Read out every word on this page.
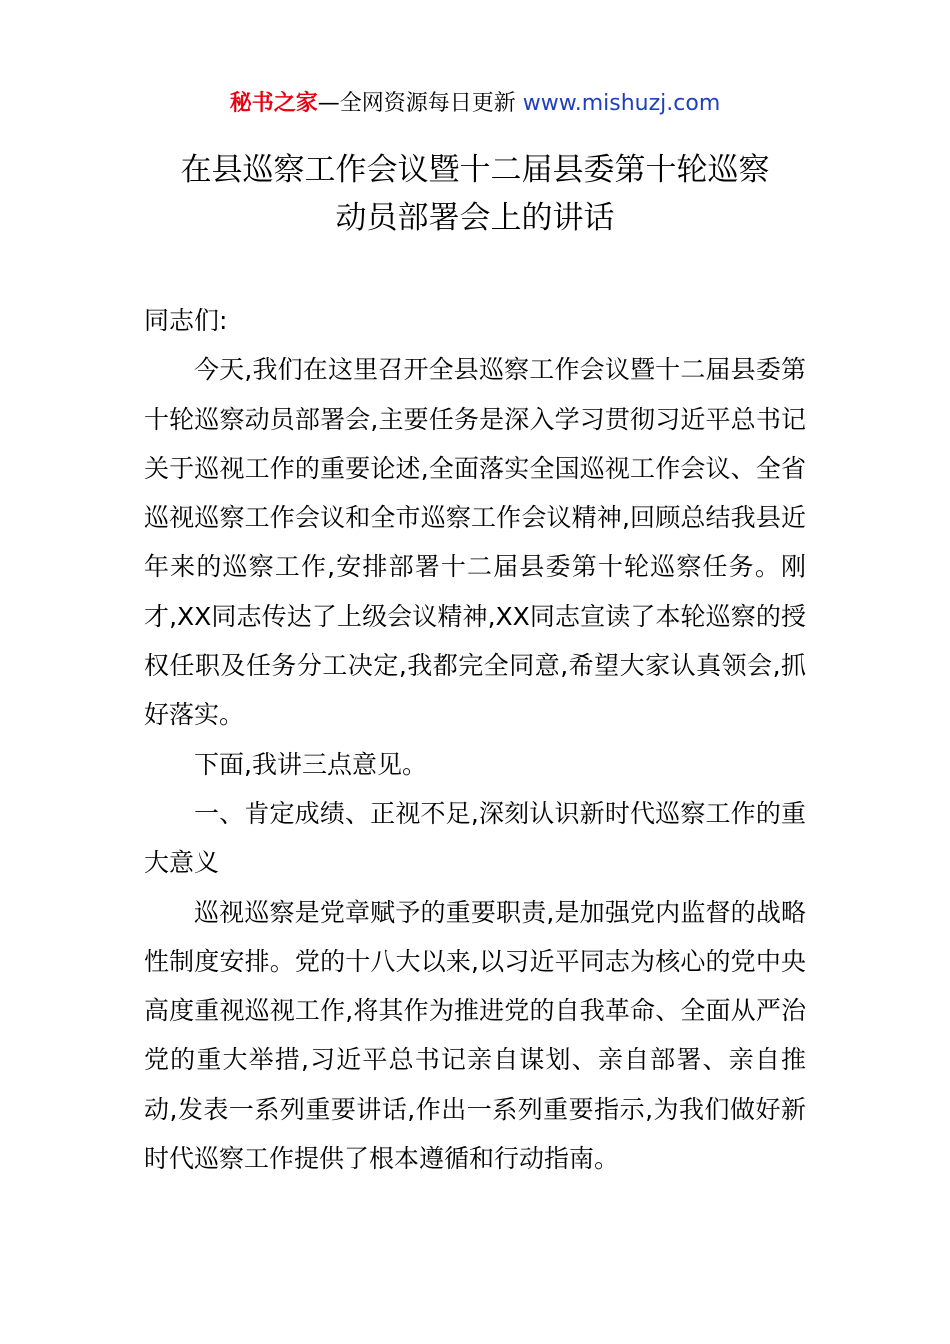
秘书之家—全网资源每日更新 www.mishuzj.com
在县巡察工作会议暨十二届县委第十轮巡察
动员部署会上的讲话

同志们:

今天,我们在这里召开全县巡察工作会议暨十二届县委第十轮巡察动员部署会,主要任务是深入学习贯彻习近平总书记关于巡视工作的重要论述,全面落实全国巡视工作会议、全省巡视巡察工作会议和全市巡察工作会议精神,回顾总结我县近年来的巡察工作,安排部署十二届县委第十轮巡察任务。刚才,XX同志传达了上级会议精神,XX同志宣读了本轮巡察的授权任职及任务分工决定,我都完全同意,希望大家认真领会,抓好落实。

下面,我讲三点意见。

一、肯定成绩、正视不足,深刻认识新时代巡察工作的重大意义

巡视巡察是党章赋予的重要职责,是加强党内监督的战略性制度安排。党的十八大以来,以习近平同志为核心的党中央高度重视巡视工作,将其作为推进党的自我革命、全面从严治党的重大举措,习近平总书记亲自谋划、亲自部署、亲自推动,发表一系列重要讲话,作出一系列重要指示,为我们做好新时代巡察工作提供了根本遵循和行动指南。
